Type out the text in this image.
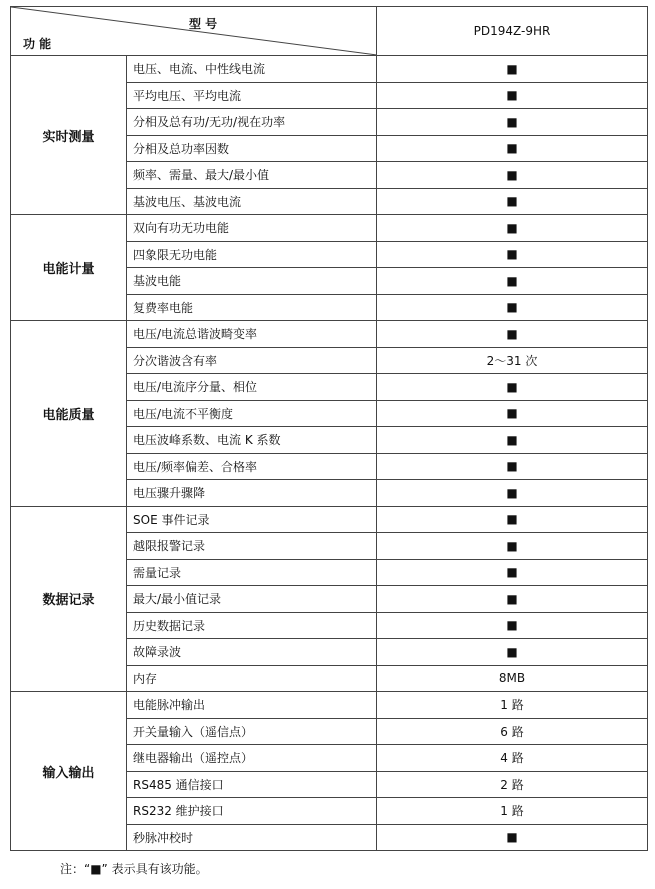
型 号
功 能		PD194Z-9HR
实时测量	电压、电流、中性线电流	■
	平均电压、平均电流	■
	分相及总有功/无功/视在功率	■
	分相及总功率因数	■
	频率、需量、最大/最小值	■
	基波电压、基波电流	■
电能计量	双向有功无功电能	■
	四象限无功电能	■
	基波电能	■
	复费率电能	■
电能质量	电压/电流总谐波畸变率	■
	分次谐波含有率	2～31 次
	电压/电流序分量、相位	■
	电压/电流不平衡度	■
	电压波峰系数、电流 K 系数	■
	电压/频率偏差、合格率	■
	电压骤升骤降	■
数据记录	SOE 事件记录	■
	越限报警记录	■
	需量记录	■
	最大/最小值记录	■
	历史数据记录	■
	故障录波	■
	内存	8MB
输入输出	电能脉冲输出	1 路
	开关量输入（遥信点）	6 路
	继电器输出（遥控点）	4 路
	RS485 通信接口	2 路
	RS232 维护接口	1 路
	秒脉冲校时	■
注：“■” 表示具有该功能。
